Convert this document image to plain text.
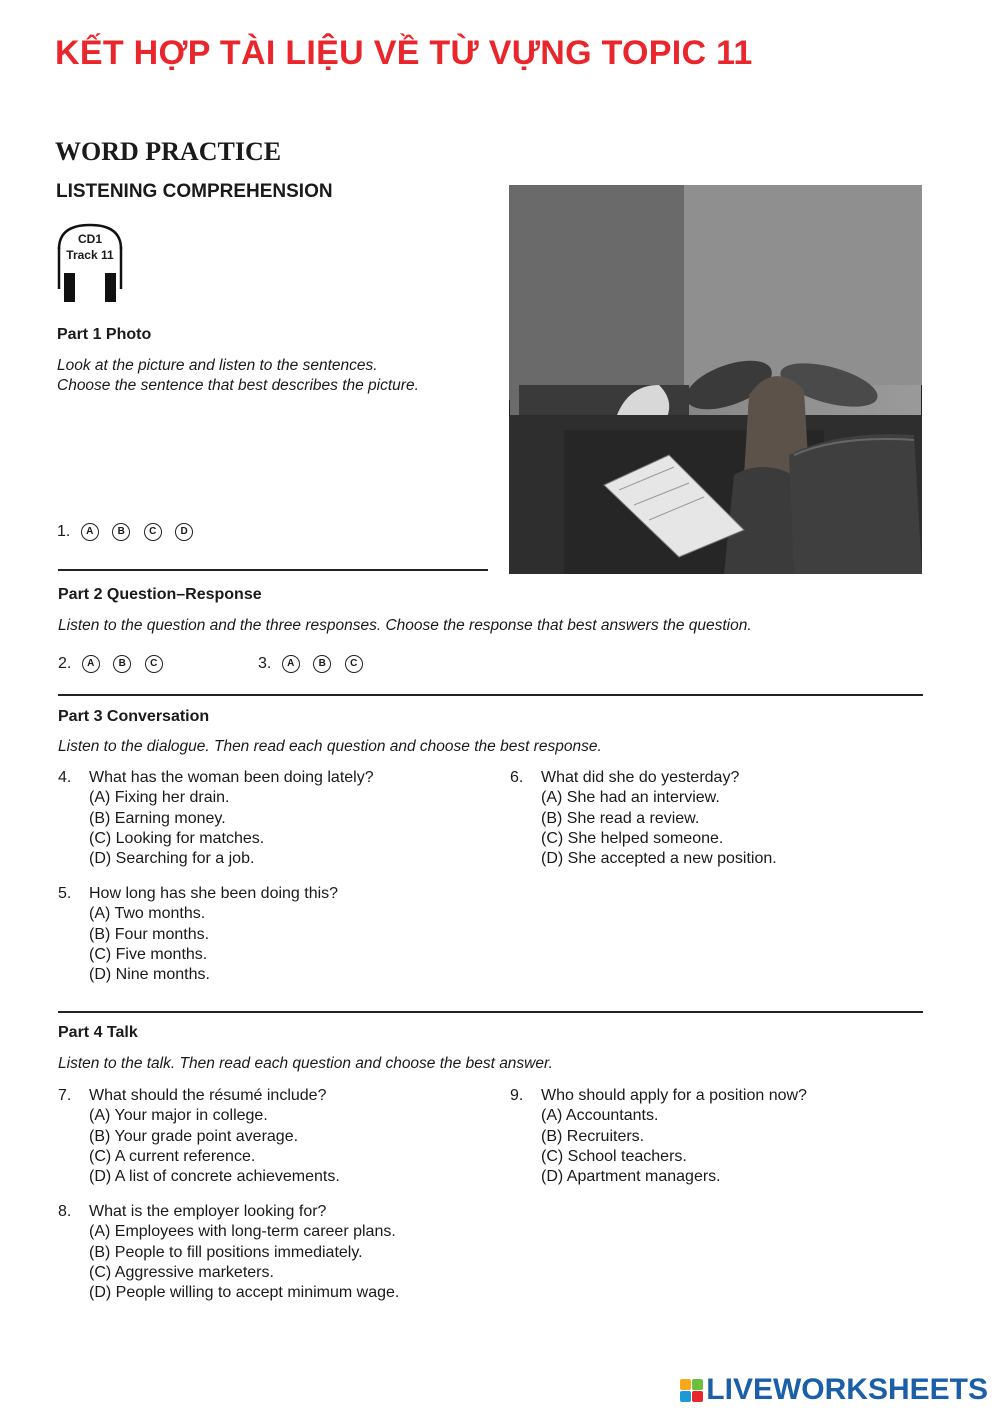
KẾT HỢP TÀI LIỆU VỀ TỪ VỰNG TOPIC 11
WORD PRACTICE
LISTENING COMPREHENSION
CD1
Track 11
Part 1 Photo
Look at the picture and listen to the sentences.
Choose the sentence that best describes the picture.
1. A B C D
Part 2 Question–Response
Listen to the question and the three responses. Choose the response that best answers the question.
2. A B C	3. A B C
Part 3 Conversation
Listen to the dialogue. Then read each question and choose the best response.
4. What has the woman been doing lately?
(A) Fixing her drain.
(B) Earning money.
(C) Looking for matches.
(D) Searching for a job.
5. How long has she been doing this?
(A) Two months.
(B) Four months.
(C) Five months.
(D) Nine months.
6. What did she do yesterday?
(A) She had an interview.
(B) She read a review.
(C) She helped someone.
(D) She accepted a new position.
Part 4 Talk
Listen to the talk. Then read each question and choose the best answer.
7. What should the résumé include?
(A) Your major in college.
(B) Your grade point average.
(C) A current reference.
(D) A list of concrete achievements.
8. What is the employer looking for?
(A) Employees with long-term career plans.
(B) People to fill positions immediately.
(C) Aggressive marketers.
(D) People willing to accept minimum wage.
9. Who should apply for a position now?
(A) Accountants.
(B) Recruiters.
(C) School teachers.
(D) Apartment managers.
LIVEWORKSHEETS
